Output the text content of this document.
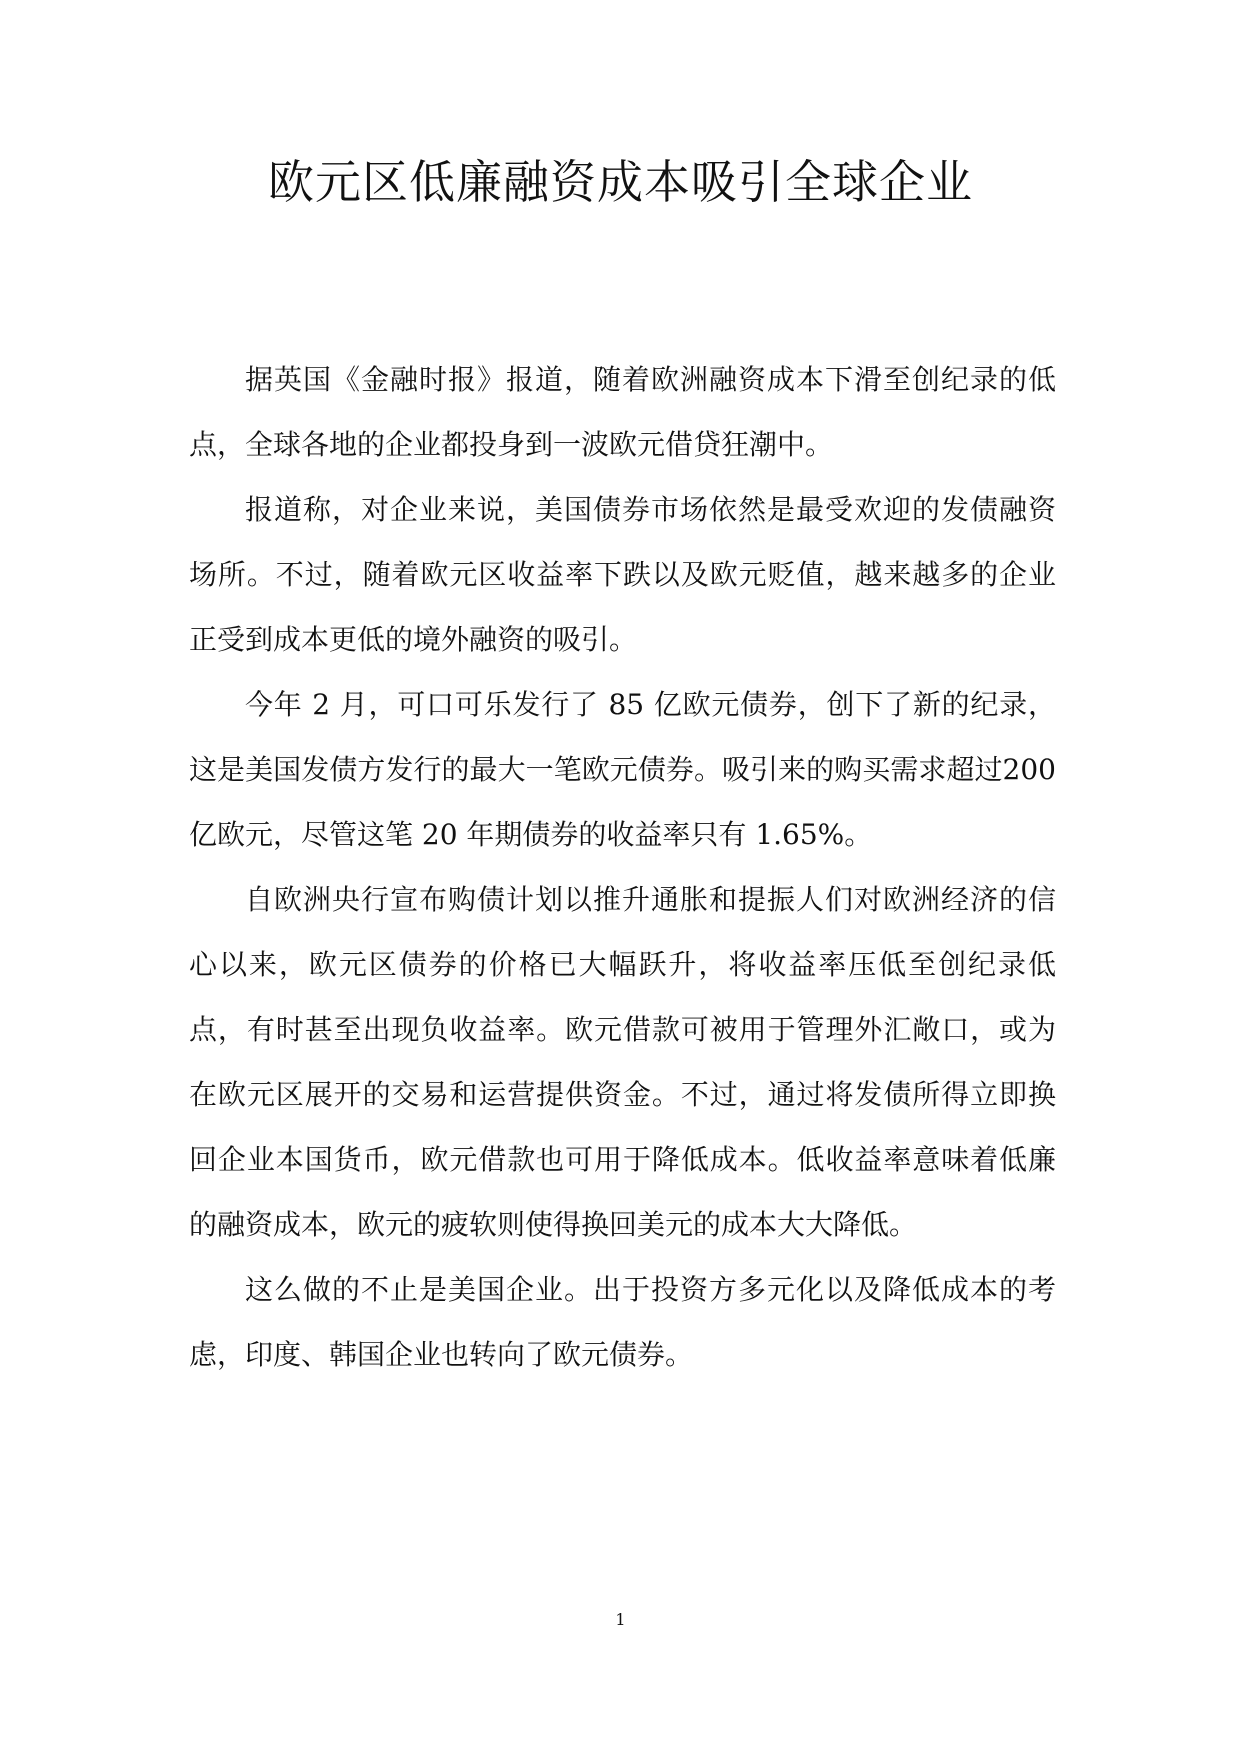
欧元区低廉融资成本吸引全球企业

据英国《金融时报》报道，随着欧洲融资成本下滑至创纪录的低点，全球各地的企业都投身到一波欧元借贷狂潮中。

报道称，对企业来说，美国债券市场依然是最受欢迎的发债融资场所。不过，随着欧元区收益率下跌以及欧元贬值，越来越多的企业正受到成本更低的境外融资的吸引。

今年 2 月，可口可乐发行了 85 亿欧元债券，创下了新的纪录，这是美国发债方发行的最大一笔欧元债券。吸引来的购买需求超过200 亿欧元，尽管这笔 20 年期债券的收益率只有 1.65%。

自欧洲央行宣布购债计划以推升通胀和提振人们对欧洲经济的信心以来，欧元区债券的价格已大幅跃升，将收益率压低至创纪录低点，有时甚至出现负收益率。欧元借款可被用于管理外汇敞口，或为在欧元区展开的交易和运营提供资金。不过，通过将发债所得立即换回企业本国货币，欧元借款也可用于降低成本。低收益率意味着低廉的融资成本，欧元的疲软则使得换回美元的成本大大降低。

这么做的不止是美国企业。出于投资方多元化以及降低成本的考虑，印度、韩国企业也转向了欧元债券。

1
